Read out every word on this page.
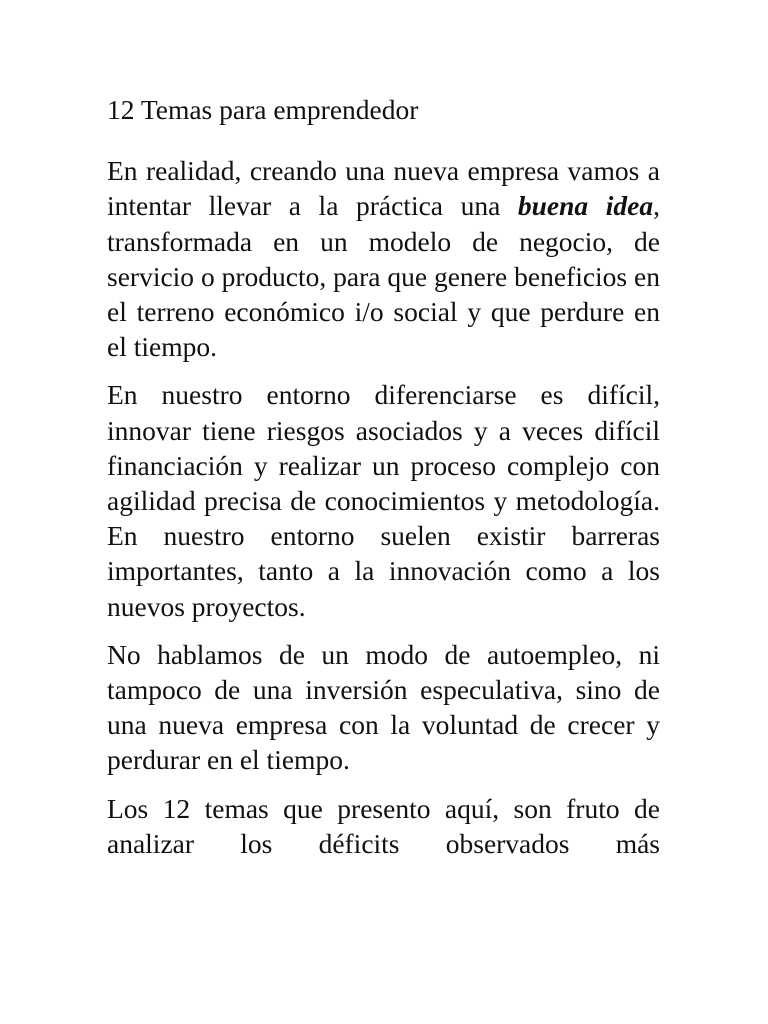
12 Temas para emprendedor

En realidad, creando una nueva empresa vamos a intentar llevar a la práctica una buena idea, transformada en un modelo de negocio, de servicio o producto, para que genere beneficios en el terreno económico i/o social y que perdure en el tiempo.

En nuestro entorno diferenciarse es difícil, innovar tiene riesgos asociados y a veces difícil financiación y realizar un proceso complejo con agilidad precisa de conocimientos y metodología. En nuestro entorno suelen existir barreras importantes, tanto a la innovación como a los nuevos proyectos.

No hablamos de un modo de autoempleo, ni tampoco de una inversión especulativa, sino de una nueva empresa con la voluntad de crecer y perdurar en el tiempo.

Los 12 temas que presento aquí, son fruto de analizar los déficits observados más
